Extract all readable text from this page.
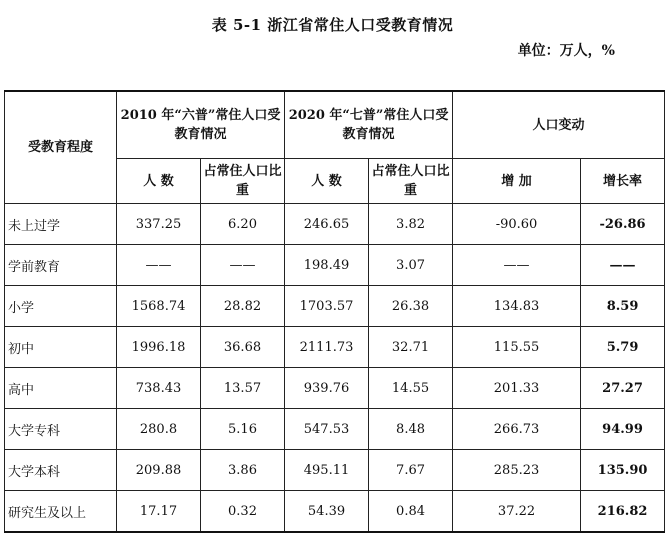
表 5-1 浙江省常住人口受教育情况
单位：万人，%
受教育程度	2010 年“六普”常住人口受教育情况		2020 年“七普”常住人口受教育情况		人口变动	
	人 数	占常住人口比重	人 数	占常住人口比重	增 加	增长率
未上过学	337.25	6.20	246.65	3.82	-90.60	-26.86
学前教育	——	——	198.49	3.07	——	——
小学	1568.74	28.82	1703.57	26.38	134.83	8.59
初中	1996.18	36.68	2111.73	32.71	115.55	5.79
高中	738.43	13.57	939.76	14.55	201.33	27.27
大学专科	280.8	5.16	547.53	8.48	266.73	94.99
大学本科	209.88	3.86	495.11	7.67	285.23	135.90
研究生及以上	17.17	0.32	54.39	0.84	37.22	216.82
